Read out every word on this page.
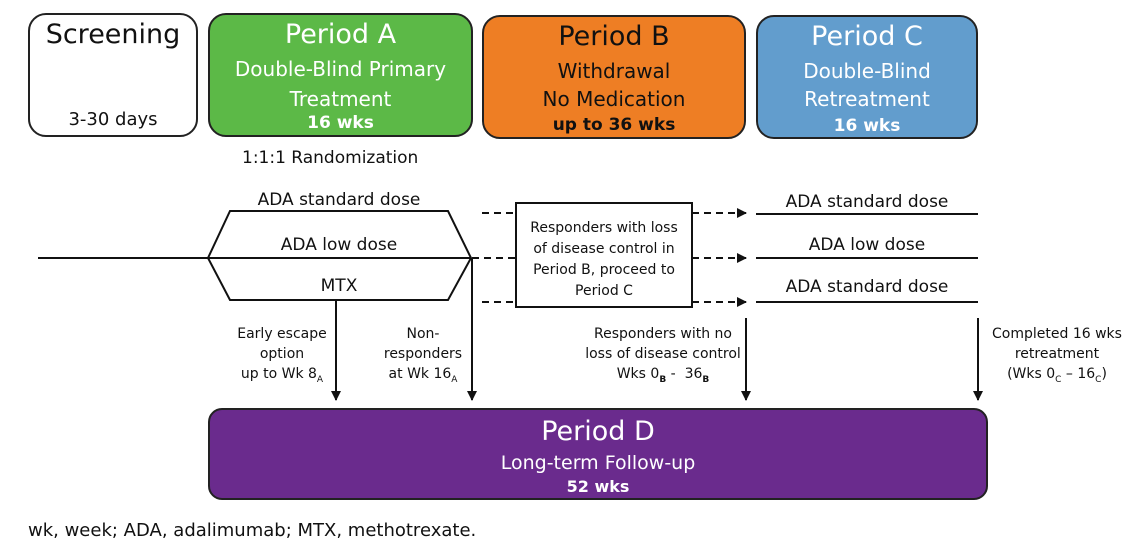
Screening
3-30 days
Period A
Double-Blind Primary
Treatment
16 wks
Period B
Withdrawal
No Medication
up to 36 wks
Period C
Double-Blind
Retreatment
16 wks
1:1:1 Randomization
ADA standard dose
ADA low dose
MTX
Responders with loss
of disease control in
Period B, proceed to
Period C
ADA standard dose
ADA low dose
ADA standard dose
Early escape
option
up to Wk $8_A$
Non-
responders
at Wk $16_A$
Responders with no
loss of disease control
Wks $0_B - 36_B$
Completed 16 wks
retreatment
(Wks $0_C - 16_C$)
Period D
Long-term Follow-up
52 wks
wk, week; ADA, adalimumab; MTX, methotrexate.
